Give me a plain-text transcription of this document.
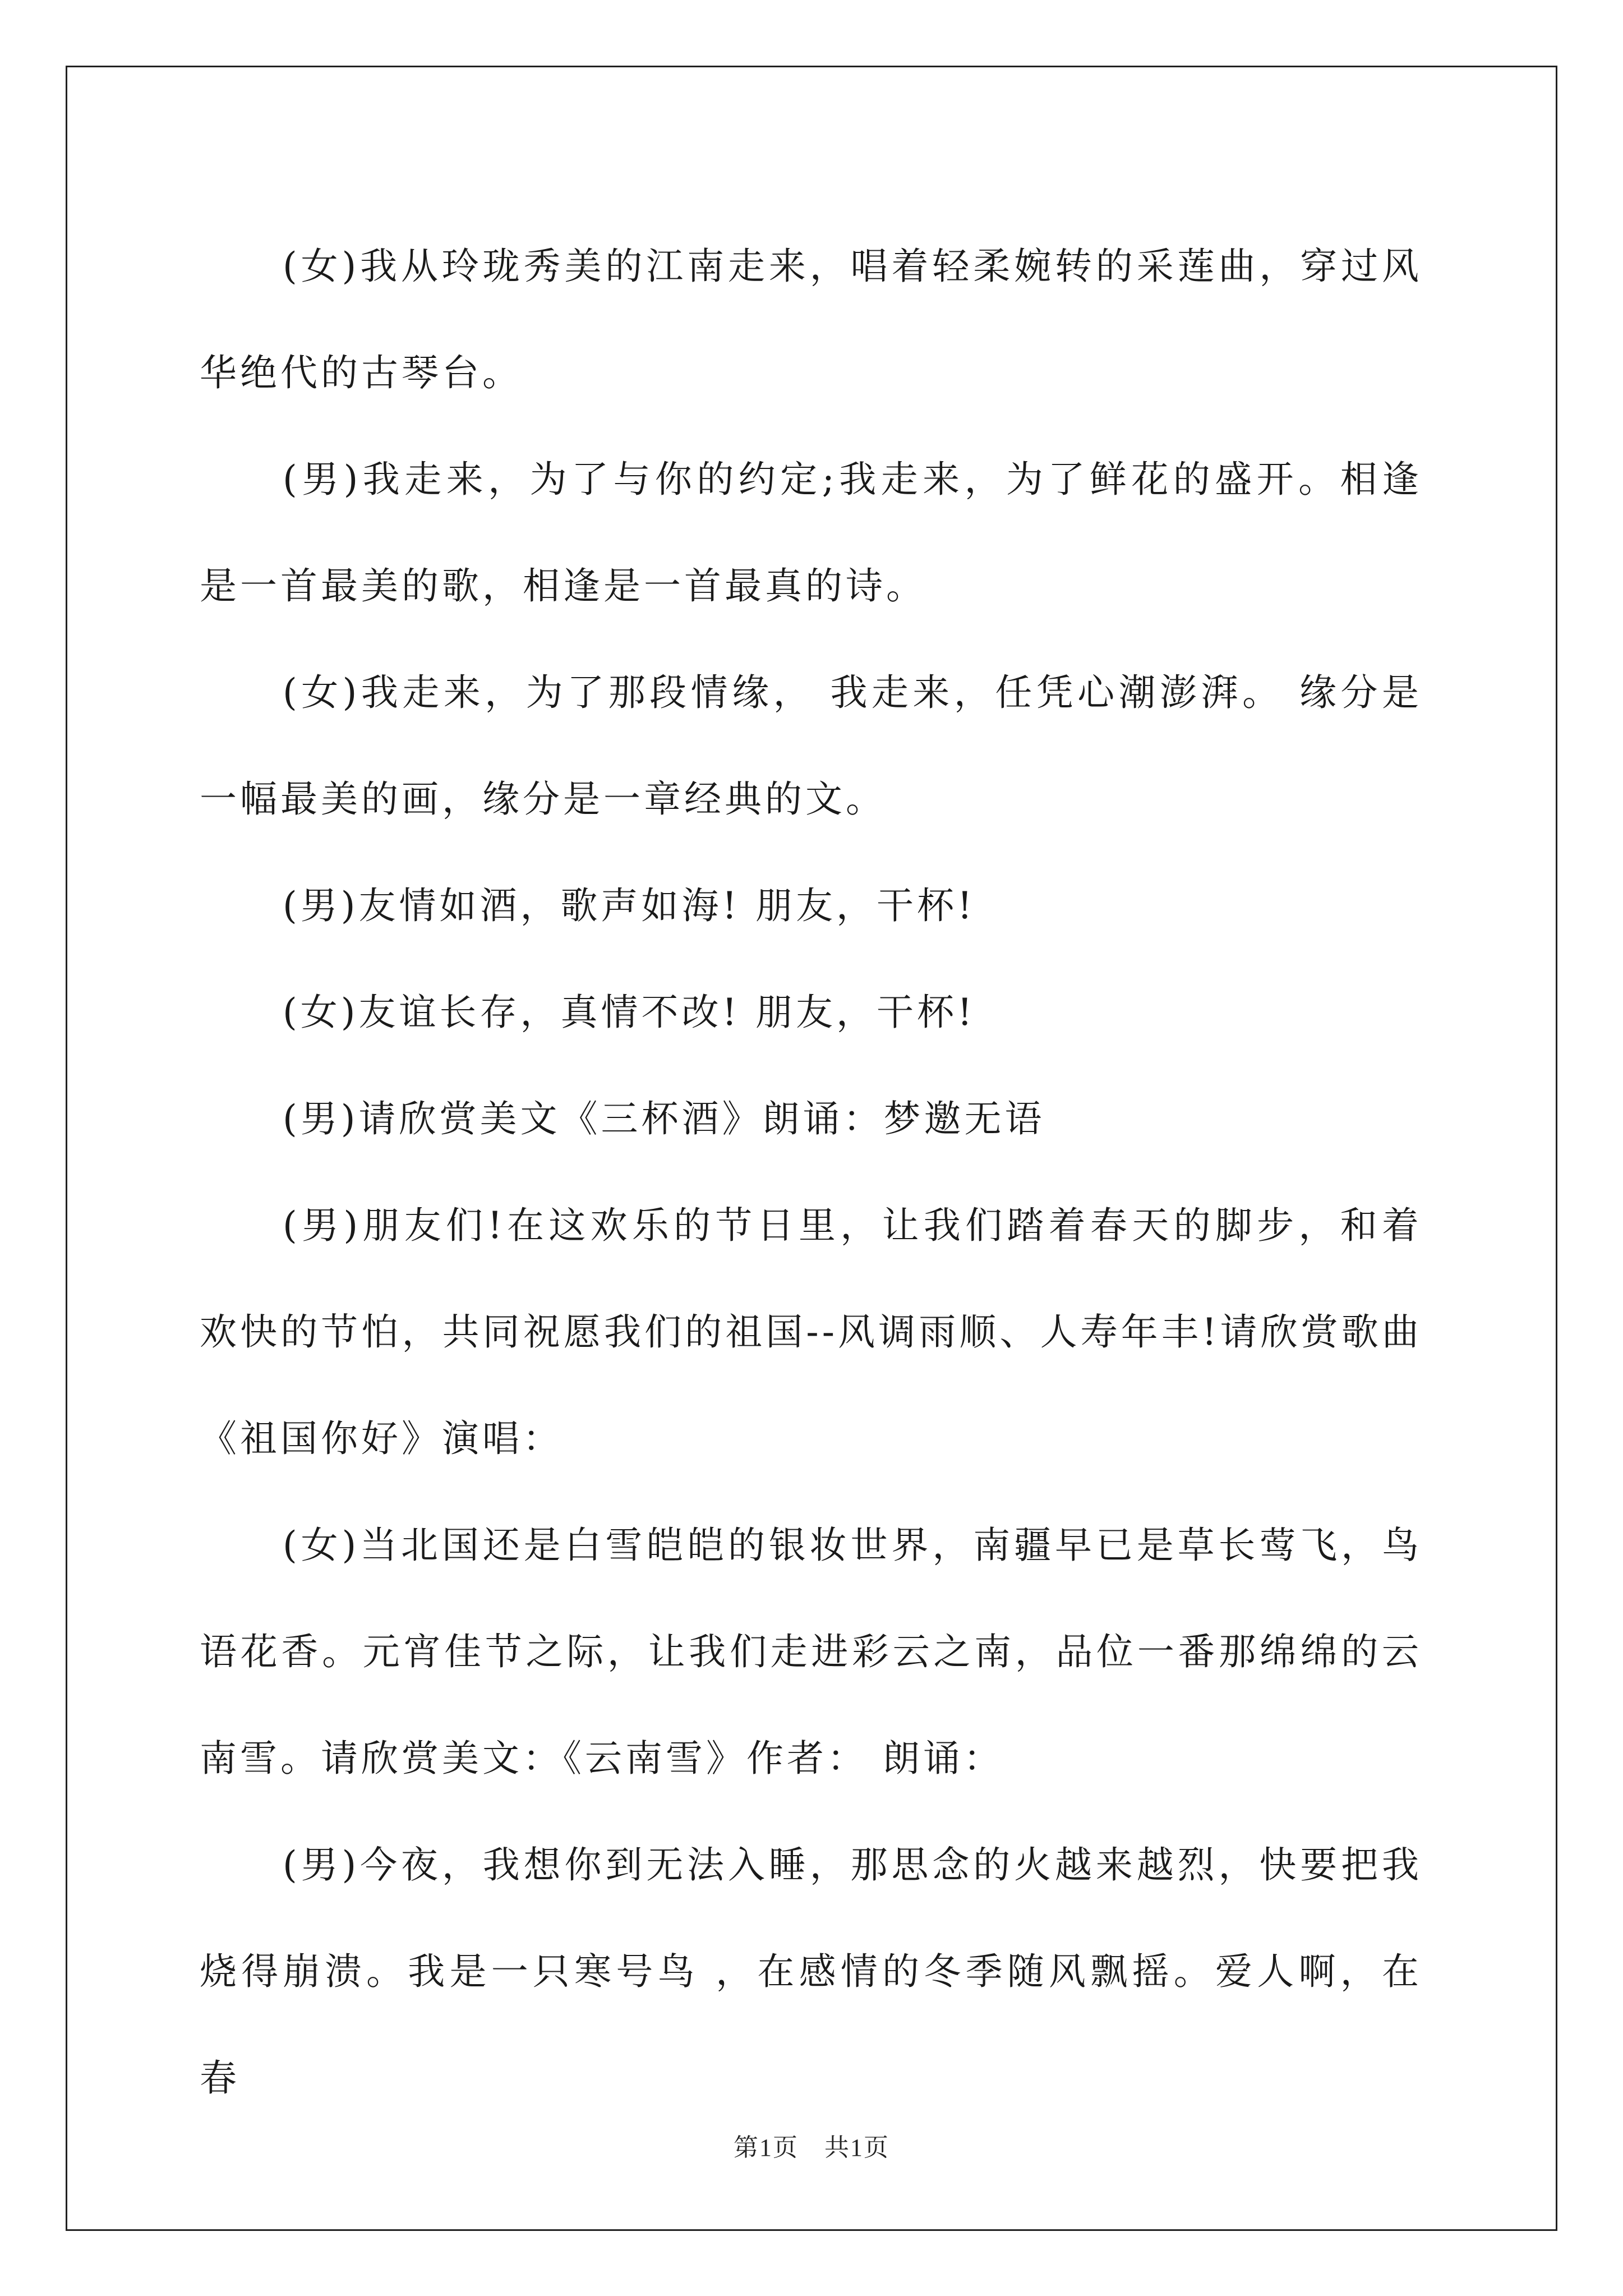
(女)我从玲珑秀美的江南走来，唱着轻柔婉转的采莲曲，穿过风华绝代的古琴台。

(男)我走来，为了与你的约定;我走来，为了鲜花的盛开。相逢是一首最美的歌，相逢是一首最真的诗。

(女)我走来，为了那段情缘， 我走来，任凭心潮澎湃。 缘分是一幅最美的画，缘分是一章经典的文。

(男)友情如酒，歌声如海! 朋友，干杯!

(女)友谊长存，真情不改! 朋友，干杯!

(男)请欣赏美文《三杯酒》朗诵：梦邀无语

(男)朋友们!在这欢乐的节日里，让我们踏着春天的脚步，和着欢快的节怕，共同祝愿我们的祖国--风调雨顺、人寿年丰!请欣赏歌曲《祖国你好》演唱：

(女)当北国还是白雪皑皑的银妆世界，南疆早已是草长莺飞，鸟语花香。元宵佳节之际，让我们走进彩云之南，品位一番那绵绵的云南雪。请欣赏美文：《云南雪》作者： 朗诵：

(男)今夜，我想你到无法入睡，那思念的火越来越烈，快要把我烧得崩溃。我是一只寒号鸟 ，在感情的冬季随风飘摇。爱人啊，在春

第1页　共1页
